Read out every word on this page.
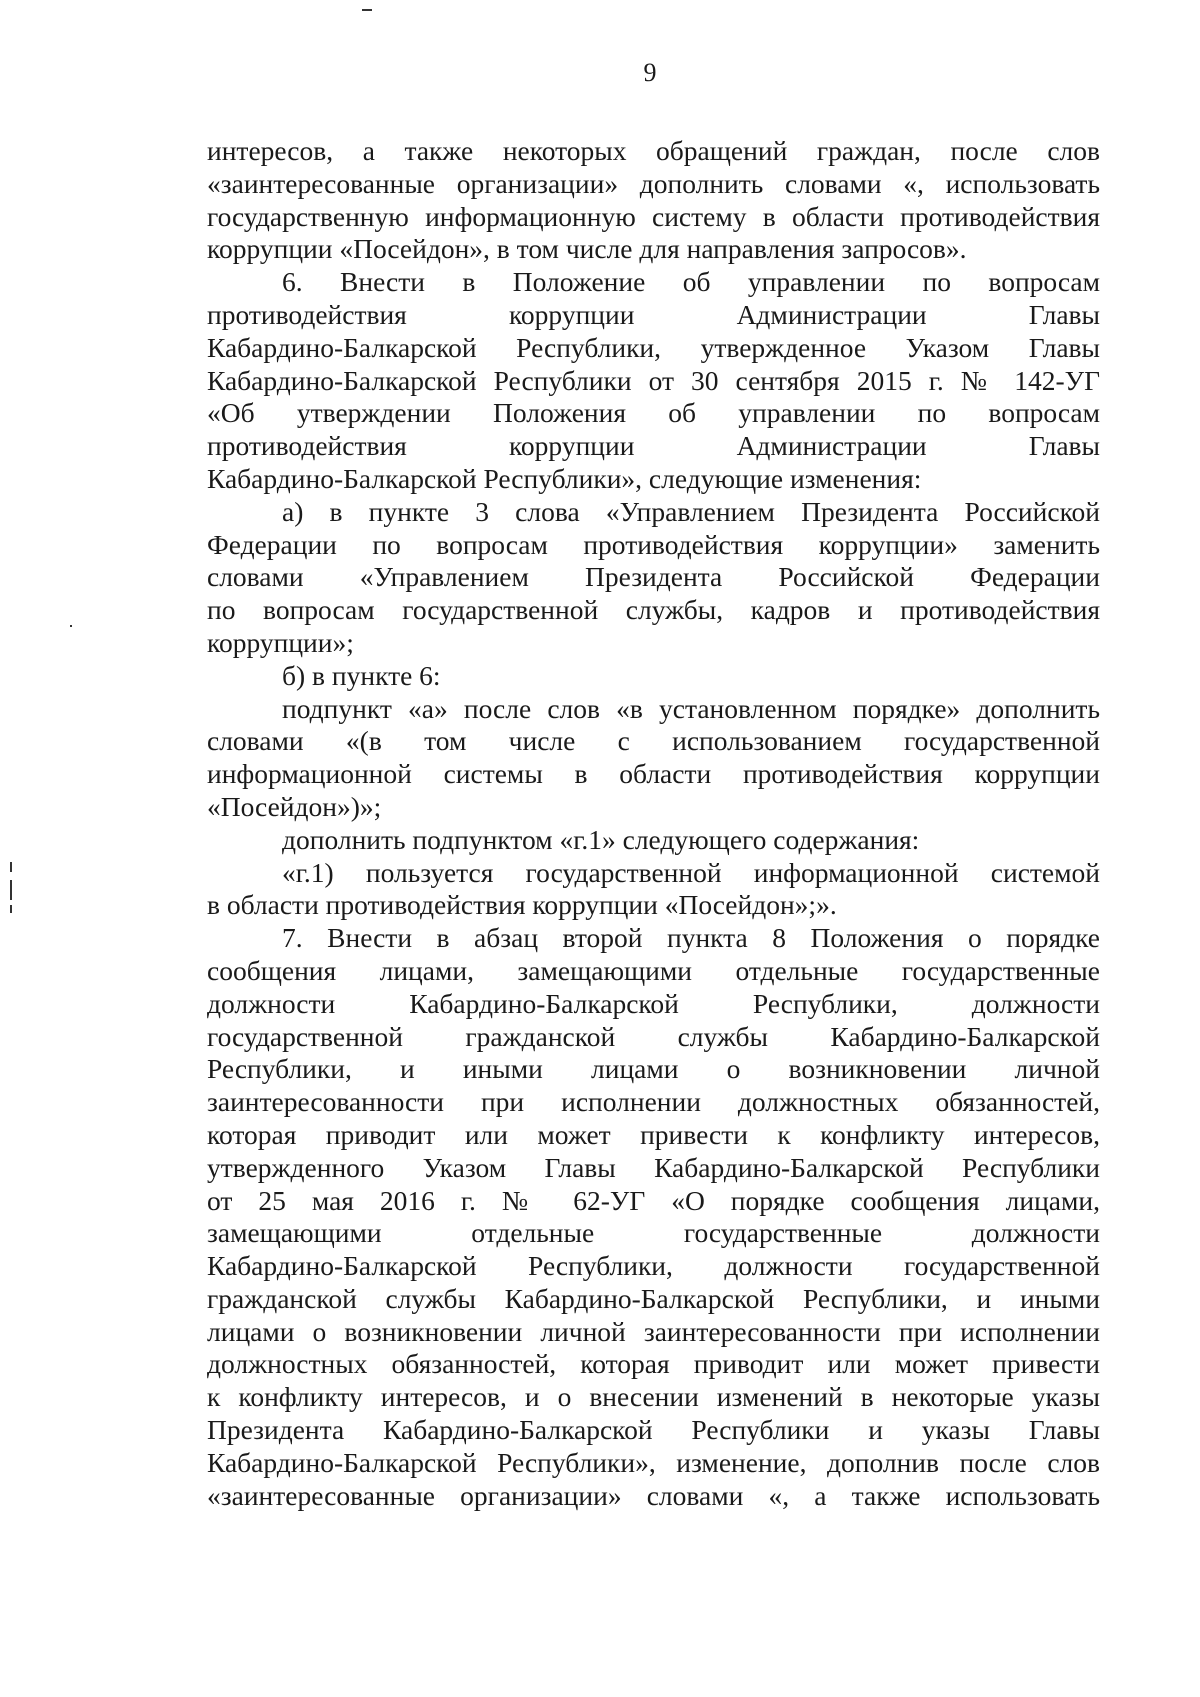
9

интересов, а также некоторых обращений граждан, после слов

«заинтересованные организации» дополнить словами «, использовать

государственную информационную систему в области противодействия

коррупции «Посейдон», в том числе для направления запросов».

6. Внести в Положение об управлении по вопросам

противодействия коррупции Администрации Главы

Кабардино-Балкарской Республики, утвержденное Указом Главы

Кабардино-Балкарской Республики от 30 сентября 2015 г. № 142-УГ

«Об утверждении Положения об управлении по вопросам

противодействия коррупции Администрации Главы

Кабардино-Балкарской Республики», следующие изменения:

а) в пункте 3 слова «Управлением Президента Российской

Федерации по вопросам противодействия коррупции» заменить

словами «Управлением Президента Российской Федерации

по вопросам государственной службы, кадров и противодействия

коррупции»;

б) в пункте 6:

подпункт «а» после слов «в установленном порядке» дополнить

словами «(в том числе с использованием государственной

информационной системы в области противодействия коррупции

«Посейдон»)»;

дополнить подпунктом «г.1» следующего содержания:

«г.1) пользуется государственной информационной системой

в области противодействия коррупции «Посейдон»;».

7. Внести в абзац второй пункта 8 Положения о порядке

сообщения лицами, замещающими отдельные государственные

должности Кабардино-Балкарской Республики, должности

государственной гражданской службы Кабардино-Балкарской

Республики, и иными лицами о возникновении личной

заинтересованности при исполнении должностных обязанностей,

которая приводит или может привести к конфликту интересов,

утвержденного Указом Главы Кабардино-Балкарской Республики

от 25 мая 2016 г. № 62-УГ «О порядке сообщения лицами,

замещающими отдельные государственные должности

Кабардино-Балкарской Республики, должности государственной

гражданской службы Кабардино-Балкарской Республики, и иными

лицами о возникновении личной заинтересованности при исполнении

должностных обязанностей, которая приводит или может привести

к конфликту интересов, и о внесении изменений в некоторые указы

Президента Кабардино-Балкарской Республики и указы Главы

Кабардино-Балкарской Республики», изменение, дополнив после слов

«заинтересованные организации» словами «, а также использовать
